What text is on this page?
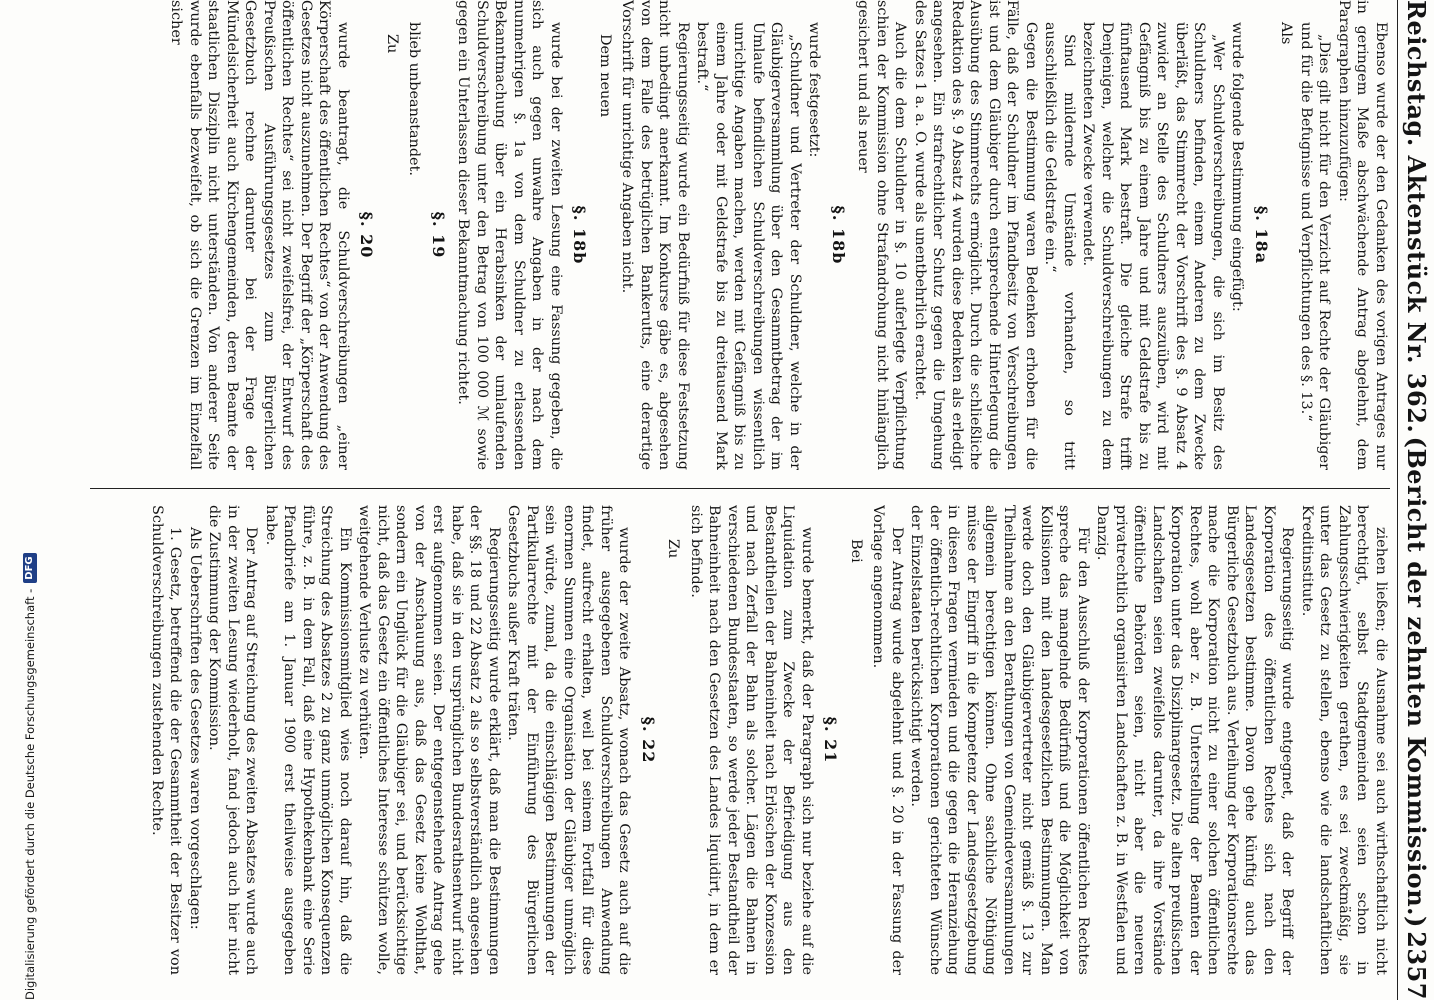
Reichstag. Aktenstück Nr. 362.
(Bericht der zehnten Kommission.)
2357

Ebenso wurde der den Gedanken des vorigen Antrages nur in geringem Maße abschwächende Antrag abgelehnt, dem Paragraphen hinzuzufügen:

„Dies gilt nicht für den Verzicht auf Rechte der Gläubiger und für die Befugnisse und Verpflichtungen des §. 13.“

Als

§. 18a

wurde folgende Bestimmung eingefügt:

„Wer Schuldverschreibungen, die sich im Besitz des Schuldners befinden, einem Anderen zu dem Zwecke überläßt, das Stimmrecht der Vorschrift des §. 9 Absatz 4 zuwider an Stelle des Schuldners auszuüben, wird mit Gefängniß bis zu einem Jahre und mit Geldstrafe bis zu fünftausend Mark bestraft. Die gleiche Strafe trifft Denjenigen, welcher die Schuldverschreibungen zu dem bezeichneten Zwecke verwendet.

Sind mildernde Umstände vorhanden, so tritt ausschließlich die Geldstrafe ein.“

Gegen die Bestimmung waren Bedenken erhoben für die Fälle, daß der Schuldner im Pfandbesitz von Verschreibungen ist und dem Gläubiger durch entsprechende Hinterlegung die Ausübung des Stimmrechts ermöglicht. Durch die schließliche Redaktion des §. 9 Absatz 4 wurden diese Bedenken als erledigt angesehen. Ein strafrechtlicher Schutz gegen die Umgehung des Satzes 1 a. a. O. wurde als unentbehrlich erachtet.

Auch die dem Schuldner in §. 10 auferlegte Verpflichtung schien der Kommission ohne Strafandrohung nicht hinlänglich gesichert und als neuer

§. 18b

wurde festgesetzt:

„Schuldner und Vertreter der Schuldner, welche in der Gläubigerversammlung über den Gesammtbetrag der im Umlaufe befindlichen Schuldverschreibungen wissentlich unrichtige Angaben machen, werden mit Gefängniß bis zu einem Jahre oder mit Geldstrafe bis zu dreitausend Mark bestraft.“

Regierungsseitig wurde ein Bedürfniß für diese Festsetzung nicht unbedingt anerkannt. Im Konkurse gäbe es, abgesehen von dem Falle des betrüglichen Bankerutts, eine derartige Vorschrift für unrichtige Angaben nicht.

Dem neuen

§. 18b

wurde bei der zweiten Lesung eine Fassung gegeben, die sich auch gegen unwahre Angaben in der nach dem nunmehrigen §. 1a von dem Schuldner zu erlassenden Bekanntmachung über ein Herabsinken der umlaufenden Schuldverschreibung unter den Betrag von 100 000 ℳ sowie gegen ein Unterlassen dieser Bekanntmachung richtet.

§. 19

blieb unbeanstandet.

Zu

§. 20

wurde beantragt, die Schuldverschreibungen „einer Körperschaft des öffentlichen Rechtes“ von der Anwendung des Gesetzes nicht auszunehmen. Der Begriff der „Körperschaft des öffentlichen Rechtes“ sei nicht zweifelsfrei, der Entwurf des Preußischen Ausführungsgesetzes zum Bürgerlichen Gesetzbuch rechne darunter bei der Frage der Mündelsicherheit auch Kirchengemeinden, deren Beamte der staatlichen Disziplin nicht unterständen. Von anderer Seite wurde ebenfalls bezweifelt, ob sich die Grenzen im Einzelfall sicher

ziehen ließen; die Ausnahme sei auch wirthschaftlich nicht berechtigt, selbst Stadtgemeinden seien schon in Zahlungsschwierigkeiten gerathen, es sei zweckmäßig, sie unter das Gesetz zu stellen, ebenso wie die landschaftlichen Kreditinstitute.

Regierungsseitig wurde entgegnet, daß der Begriff der Korporation des öffentlichen Rechtes sich nach den Landesgesetzen bestimme. Davon gehe künftig auch das Bürgerliche Gesetzbuch aus. Verleihung der Korporationsrechte mache die Korporation nicht zu einer solchen öffentlichen Rechtes, wohl aber z. B. Unterstellung der Beamten der Korporation unter das Disziplinargesetz. Die alten preußischen Landschaften seien zweifellos darunter, da ihre Vorstände öffentliche Behörden seien, nicht aber die neueren privatrechtlich organisirten Landschaften z. B. in Westfalen und Danzig.

Für den Ausschluß der Korporationen öffentlichen Rechtes spreche das mangelnde Bedürfniß und die Möglichkeit von Kollisionen mit den landesgesetzlichen Bestimmungen. Man werde doch den Gläubigervertreter nicht gemäß §. 13 zur Theilnahme an den Berathungen von Gemeindeversammlungen allgemein berechtigen können. Ohne sachliche Nöthigung müsse der Eingriff in die Kompetenz der Landesgesetzgebung in diesen Fragen vermieden und die gegen die Heranziehung der öffentlich-rechtlichen Korporationen gerichteten Wünsche der Einzelstaaten berücksichtigt werden.

Der Antrag wurde abgelehnt und §. 20 in der Fassung der Vorlage angenommen.

Bei

§. 21

wurde bemerkt, daß der Paragraph sich nur beziehe auf die Liquidation zum Zwecke der Befriedigung aus den Bestandtheilen der Bahneinheit nach Erlöschen der Konzession und nach Zerfall der Bahn als solcher. Lägen die Bahnen in verschiedenen Bundesstaaten, so werde jeder Bestandtheil der Bahneinheit nach den Gesetzen des Landes liquidirt, in dem er sich befinde.

Zu

§. 22

wurde der zweite Absatz, wonach das Gesetz auch auf die früher ausgegebenen Schuldverschreibungen Anwendung findet, aufrecht erhalten, weil bei seinem Fortfall für diese enormen Summen eine Organisation der Gläubiger unmöglich sein würde, zumal, da die einschlägigen Bestimmungen der Partikularrechte mit der Einführung des Bürgerlichen Gesetzbuchs außer Kraft träten.

Regierungsseitig wurde erklärt, daß man die Bestimmungen der §§. 18 und 22 Absatz 2 als so selbstverständlich angesehen habe, daß sie in den ursprünglichen Bundesrathsentwurf nicht erst aufgenommen seien. Der entgegenstehende Antrag gehe von der Anschauung aus, daß das Gesetz keine Wohlthat, sondern ein Unglück für die Gläubiger sei, und berücksichtige nicht, daß das Gesetz ein öffentliches Interesse schützen wolle, weitgehende Verluste zu verhüten.

Ein Kommissionsmitglied wies noch darauf hin, daß die Streichung des Absatzes 2 zu ganz unmöglichen Konsequenzen führe, z. B. in dem Fall, daß eine Hypothekenbank eine Serie Pfandbriefe am 1. Januar 1900 erst theilweise ausgegeben habe.

Der Antrag auf Streichung des zweiten Absatzes wurde auch in der zweiten Lesung wiederholt, fand jedoch auch hier nicht die Zustimmung der Kommission.

Als Ueberschriften des Gesetzes waren vorgeschlagen:

1. Gesetz, betreffend die der Gesammtheit der Besitzer von Schuldverschreibungen zustehenden Rechte.

Digitalisierung gefördert durch die Deutsche Forschungsgemeinschaft -
DFG
